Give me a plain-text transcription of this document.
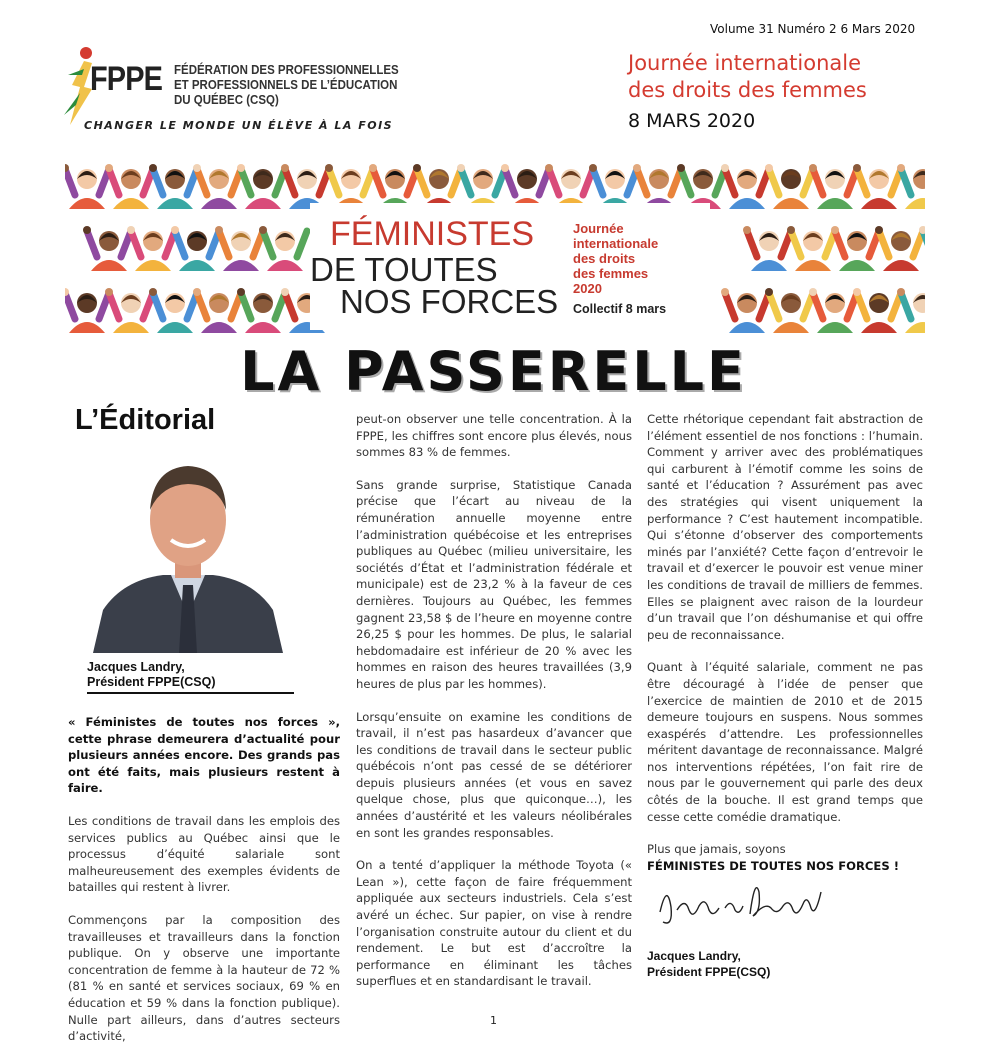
Volume 31 Numéro 2 6 Mars 2020
FPPE FÉDÉRATION DES PROFESSIONNELLES
ET PROFESSIONNELS DE L’ÉDUCATION
DU QUÉBEC (CSQ)
CHANGER LE MONDE UN ÉLÈVE À LA FOIS
Journée internationale
des droits des femmes
8 MARS 2020
FÉMINISTES
DE TOUTES
NOS FORCES
Journée
internationale
des droits
des femmes
2020
Collectif 8 mars
LA PASSERELLE
L’Éditorial
Jacques Landry,
Président FPPE(CSQ)

« Féministes de toutes nos forces », cette phrase demeurera d’actualité pour plusieurs années encore. Des grands pas ont été faits, mais plusieurs restent à faire.

Les conditions de travail dans les emplois des services publics au Québec ainsi que le processus d’équité salariale sont malheureusement des exemples évidents de batailles qui restent à livrer.

Commençons par la composition des travailleuses et travailleurs dans la fonction publique. On y observe une importante concentration de femme à la hauteur de 72 % (81 % en santé et services sociaux, 69 % en éducation et 59 % dans la fonction publique). Nulle part ailleurs, dans d’autres secteurs d’activité,

peut-on observer une telle concentration. À la FPPE, les chiffres sont encore plus élevés, nous sommes 83 % de femmes.

Sans grande surprise, Statistique Canada précise que l’écart au niveau de la rémunération annuelle moyenne entre l’administration québécoise et les entreprises publiques au Québec (milieu universitaire, les sociétés d’État et l’administration fédérale et municipale) est de 23,2 % à la faveur de ces dernières. Toujours au Québec, les femmes gagnent 23,58 $ de l’heure en moyenne contre 26,25 $ pour les hommes. De plus, le salarial hebdomadaire est inférieur de 20 % avec les hommes en raison des heures travaillées (3,9 heures de plus par les hommes).

Lorsqu’ensuite on examine les conditions de travail, il n’est pas hasardeux d’avancer que les conditions de travail dans le secteur public québécois n’ont pas cessé de se détériorer depuis plusieurs années (et vous en savez quelque chose, plus que quiconque…), les années d’austérité et les valeurs néolibérales en sont les grandes responsables.

On a tenté d’appliquer la méthode Toyota (« Lean »), cette façon de faire fréquemment appliquée aux secteurs industriels. Cela s’est avéré un échec. Sur papier, on vise à rendre l’organisation construite autour du client et du rendement. Le but est d’accroître la performance en éliminant les tâches superflues et en standardisant le travail.

Cette rhétorique cependant fait abstraction de l’élément essentiel de nos fonctions : l’humain. Comment y arriver avec des problématiques qui carburent à l’émotif comme les soins de santé et l’éducation ? Assurément pas avec des stratégies qui visent uniquement la performance ? C’est hautement incompatible. Qui s’étonne d’observer des comportements minés par l’anxiété? Cette façon d’entrevoir le travail et d’exercer le pouvoir est venue miner les conditions de travail de milliers de femmes. Elles se plaignent avec raison de la lourdeur d’un travail que l’on déshumanise et qui offre peu de reconnaissance.

Quant à l’équité salariale, comment ne pas être découragé à l’idée de penser que l’exercice de maintien de 2010 et de 2015 demeure toujours en suspens. Nous sommes exaspérés d’attendre. Les professionnelles méritent davantage de reconnaissance. Malgré nos interventions répétées, l’on fait rire de nous par le gouvernement qui parle des deux côtés de la bouche. Il est grand temps que cesse cette comédie dramatique.

Plus que jamais, soyons
FÉMINISTES DE TOUTES NOS FORCES !
Jacques Landry,
Président FPPE(CSQ)
1
